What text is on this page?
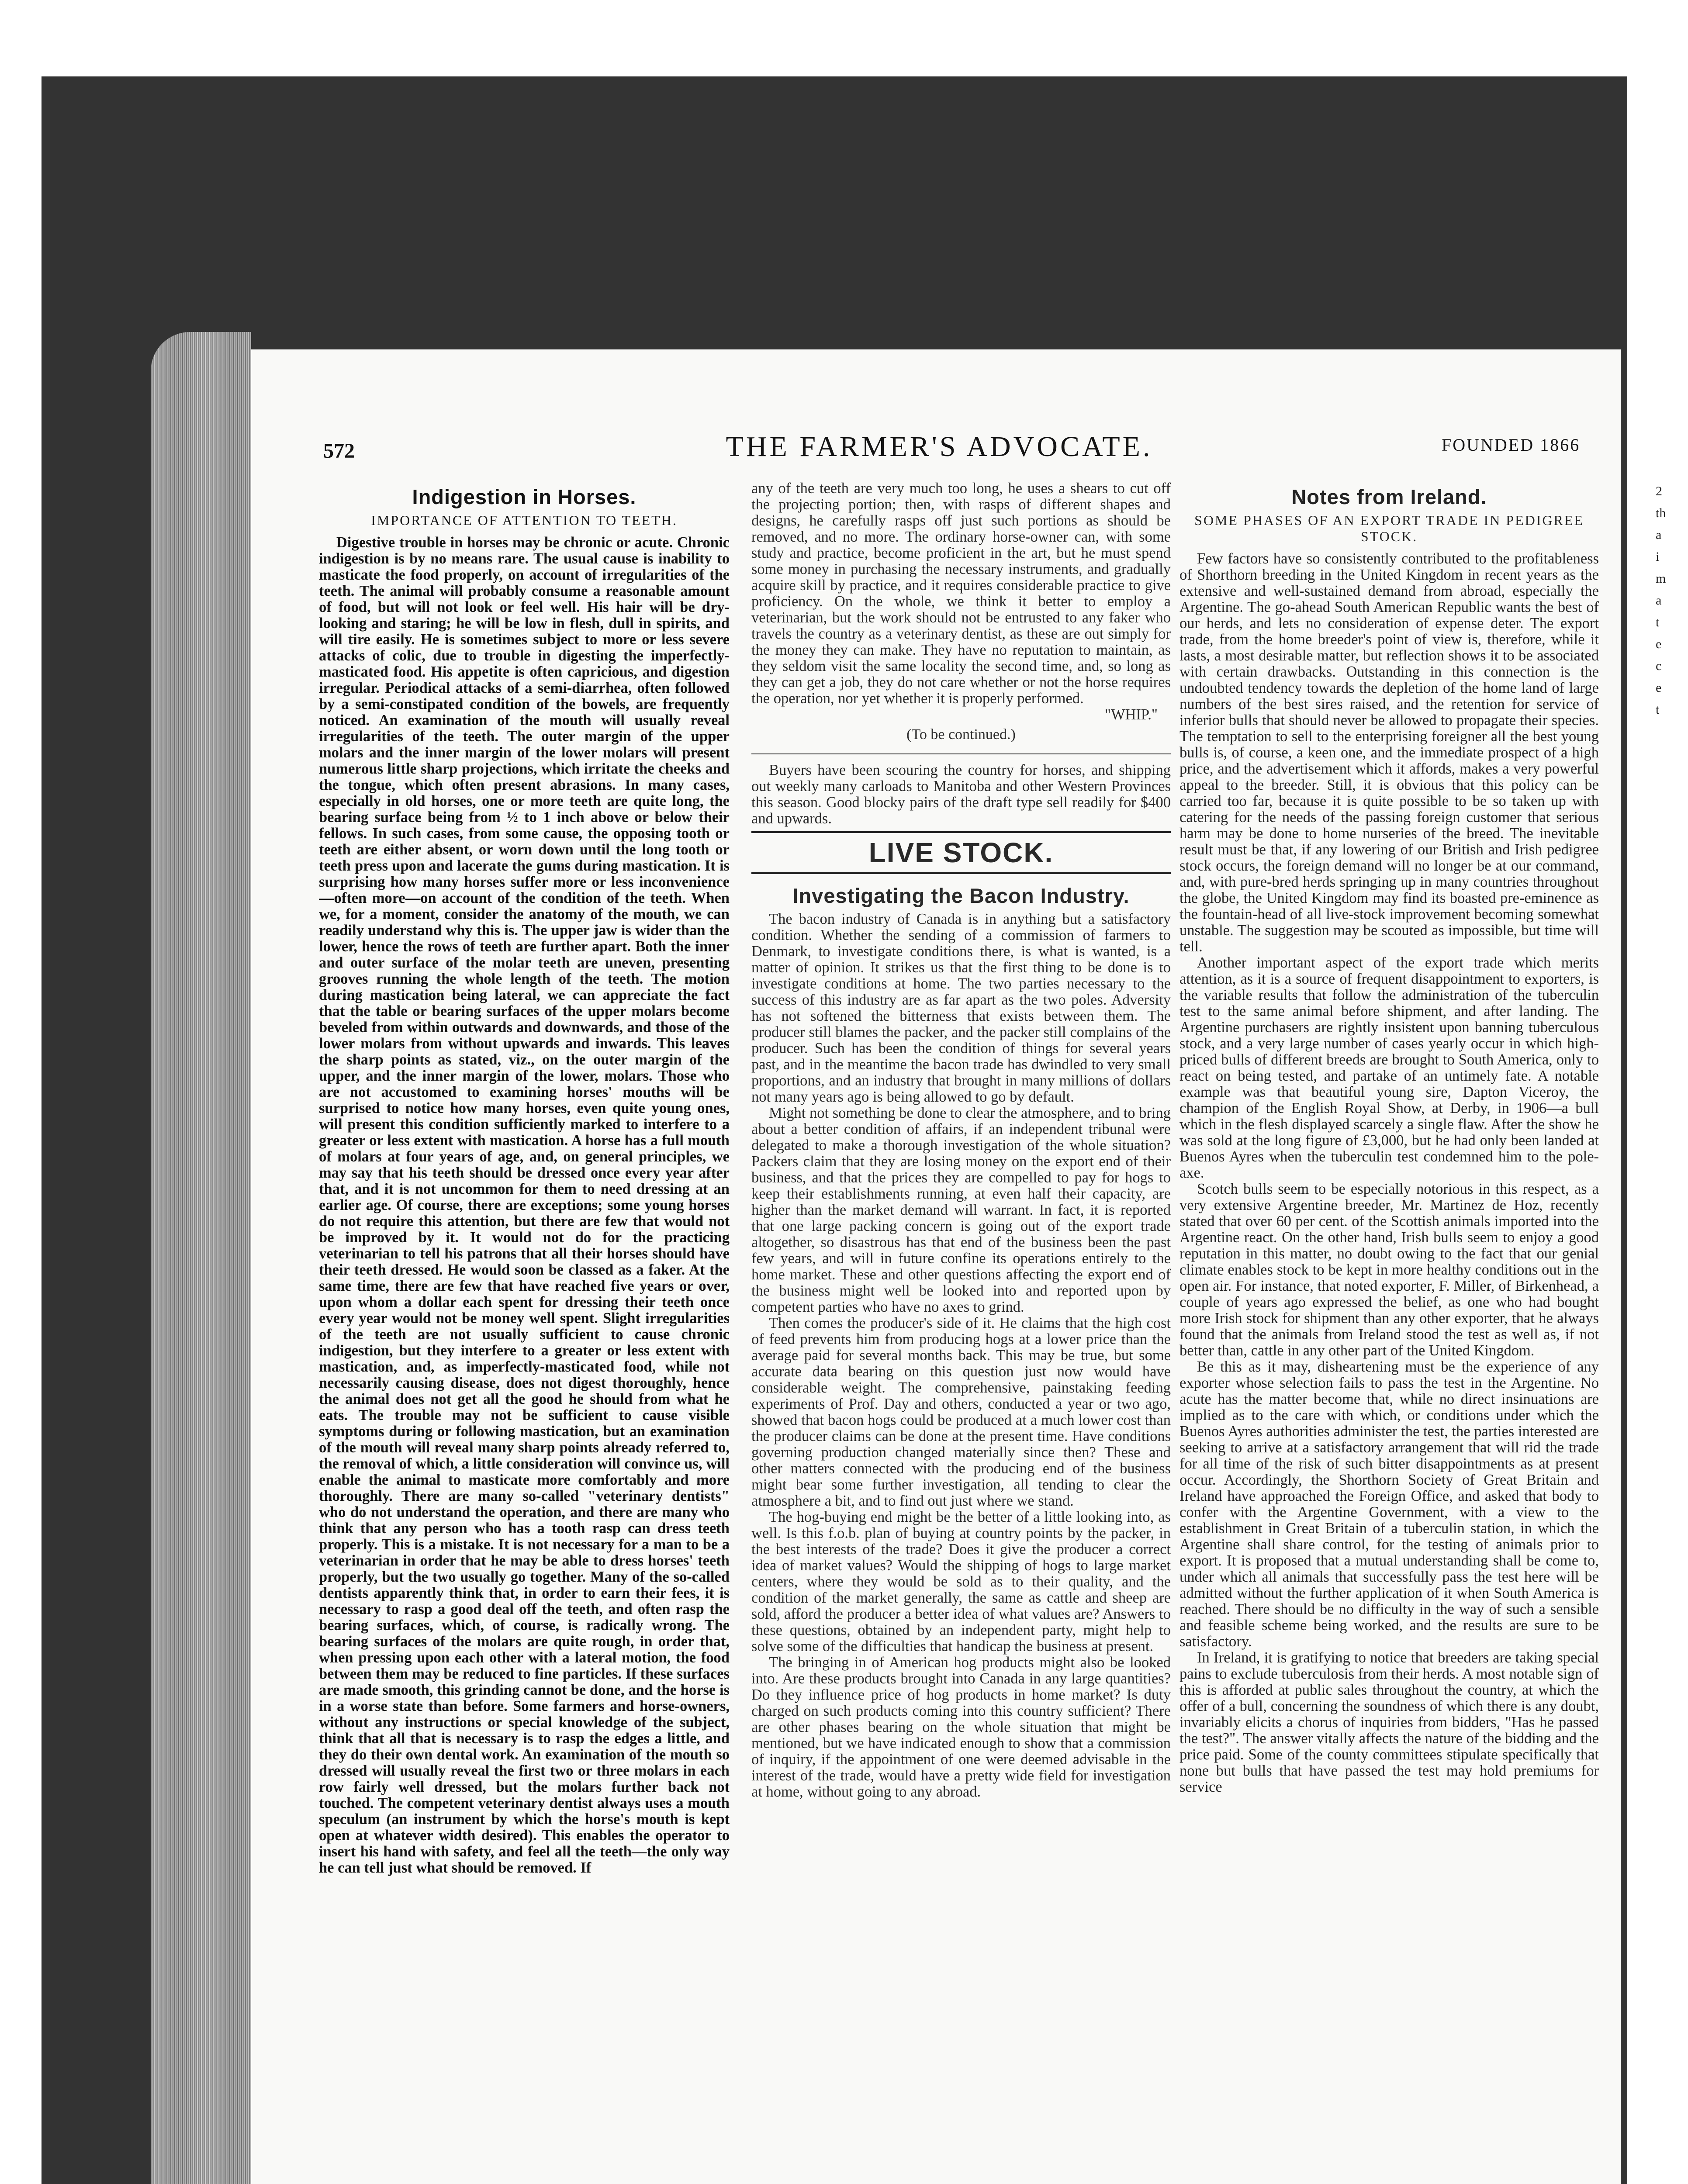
2
th
a
i
m
a
t
e
c
e
t
572	THE FARMER'S ADVOCATE.	FOUNDED 1866
Indigestion in Horses.
IMPORTANCE OF ATTENTION TO TEETH.

Digestive trouble in horses may be chronic or acute. Chronic indigestion is by no means rare. The usual cause is inability to masticate the food properly, on account of irregularities of the teeth. The animal will probably consume a reasonable amount of food, but will not look or feel well. His hair will be dry-looking and staring; he will be low in flesh, dull in spirits, and will tire easily. He is sometimes subject to more or less severe attacks of colic, due to trouble in digesting the imperfectly-masticated food. His appetite is often capricious, and digestion irregular. Periodical attacks of a semi-diarrhea, often followed by a semi-constipated condition of the bowels, are frequently noticed. An examination of the mouth will usually reveal irregularities of the teeth. The outer margin of the upper molars and the inner margin of the lower molars will present numerous little sharp projections, which irritate the cheeks and the tongue, which often present abrasions. In many cases, especially in old horses, one or more teeth are quite long, the bearing surface being from ½ to 1 inch above or below their fellows. In such cases, from some cause, the opposing tooth or teeth are either absent, or worn down until the long tooth or teeth press upon and lacerate the gums during mastication. It is surprising how many horses suffer more or less inconvenience—often more—on account of the condition of the teeth. When we, for a moment, consider the anatomy of the mouth, we can readily understand why this is. The upper jaw is wider than the lower, hence the rows of teeth are further apart. Both the inner and outer surface of the molar teeth are uneven, presenting grooves running the whole length of the teeth. The motion during mastication being lateral, we can appreciate the fact that the table or bearing surfaces of the upper molars become beveled from within outwards and downwards, and those of the lower molars from without upwards and inwards. This leaves the sharp points as stated, viz., on the outer margin of the upper, and the inner margin of the lower, molars. Those who are not accustomed to examining horses' mouths will be surprised to notice how many horses, even quite young ones, will present this condition sufficiently marked to interfere to a greater or less extent with mastication. A horse has a full mouth of molars at four years of age, and, on general principles, we may say that his teeth should be dressed once every year after that, and it is not uncommon for them to need dressing at an earlier age. Of course, there are exceptions; some young horses do not require this attention, but there are few that would not be improved by it. It would not do for the practicing veterinarian to tell his patrons that all their horses should have their teeth dressed. He would soon be classed as a faker. At the same time, there are few that have reached five years or over, upon whom a dollar each spent for dressing their teeth once every year would not be money well spent. Slight irregularities of the teeth are not usually sufficient to cause chronic indigestion, but they interfere to a greater or less extent with mastication, and, as imperfectly-masticated food, while not necessarily causing disease, does not digest thoroughly, hence the animal does not get all the good he should from what he eats. The trouble may not be sufficient to cause visible symptoms during or following mastication, but an examination of the mouth will reveal many sharp points already referred to, the removal of which, a little consideration will convince us, will enable the animal to masticate more comfortably and more thoroughly. There are many so-called "veterinary dentists" who do not understand the operation, and there are many who think that any person who has a tooth rasp can dress teeth properly. This is a mistake. It is not necessary for a man to be a veterinarian in order that he may be able to dress horses' teeth properly, but the two usually go together. Many of the so-called dentists apparently think that, in order to earn their fees, it is necessary to rasp a good deal off the teeth, and often rasp the bearing surfaces, which, of course, is radically wrong. The bearing surfaces of the molars are quite rough, in order that, when pressing upon each other with a lateral motion, the food between them may be reduced to fine particles. If these surfaces are made smooth, this grinding cannot be done, and the horse is in a worse state than before. Some farmers and horse-owners, without any instructions or special knowledge of the subject, think that all that is necessary is to rasp the edges a little, and they do their own dental work. An examination of the mouth so dressed will usually reveal the first two or three molars in each row fairly well dressed, but the molars further back not touched. The competent veterinary dentist always uses a mouth speculum (an instrument by which the horse's mouth is kept open at whatever width desired). This enables the operator to insert his hand with safety, and feel all the teeth—the only way he can tell just what should be removed. If

any of the teeth are very much too long, he uses a shears to cut off the projecting portion; then, with rasps of different shapes and designs, he carefully rasps off just such portions as should be removed, and no more. The ordinary horse-owner can, with some study and practice, become proficient in the art, but he must spend some money in purchasing the necessary instruments, and gradually acquire skill by practice, and it requires considerable practice to give proficiency. On the whole, we think it better to employ a veterinarian, but the work should not be entrusted to any faker who travels the country as a veterinary dentist, as these are out simply for the money they can make. They have no reputation to maintain, as they seldom visit the same locality the second time, and, so long as they can get a job, they do not care whether or not the horse requires the operation, nor yet whether it is properly performed.

"WHIP."

(To be continued.)

Buyers have been scouring the country for horses, and shipping out weekly many carloads to Manitoba and other Western Provinces this season. Good blocky pairs of the draft type sell readily for $400 and upwards.

LIVE STOCK.
Investigating the Bacon Industry.

The bacon industry of Canada is in anything but a satisfactory condition. Whether the sending of a commission of farmers to Denmark, to investigate conditions there, is what is wanted, is a matter of opinion. It strikes us that the first thing to be done is to investigate conditions at home. The two parties necessary to the success of this industry are as far apart as the two poles. Adversity has not softened the bitterness that exists between them. The producer still blames the packer, and the packer still complains of the producer. Such has been the condition of things for several years past, and in the meantime the bacon trade has dwindled to very small proportions, and an industry that brought in many millions of dollars not many years ago is being allowed to go by default.

Might not something be done to clear the atmosphere, and to bring about a better condition of affairs, if an independent tribunal were delegated to make a thorough investigation of the whole situation? Packers claim that they are losing money on the export end of their business, and that the prices they are compelled to pay for hogs to keep their establishments running, at even half their capacity, are higher than the market demand will warrant. In fact, it is reported that one large packing concern is going out of the export trade altogether, so disastrous has that end of the business been the past few years, and will in future confine its operations entirely to the home market. These and other questions affecting the export end of the business might well be looked into and reported upon by competent parties who have no axes to grind.

Then comes the producer's side of it. He claims that the high cost of feed prevents him from producing hogs at a lower price than the average paid for several months back. This may be true, but some accurate data bearing on this question just now would have considerable weight. The comprehensive, painstaking feeding experiments of Prof. Day and others, conducted a year or two ago, showed that bacon hogs could be produced at a much lower cost than the producer claims can be done at the present time. Have conditions governing production changed materially since then? These and other matters connected with the producing end of the business might bear some further investigation, all tending to clear the atmosphere a bit, and to find out just where we stand.

The hog-buying end might be the better of a little looking into, as well. Is this f.o.b. plan of buying at country points by the packer, in the best interests of the trade? Does it give the producer a correct idea of market values? Would the shipping of hogs to large market centers, where they would be sold as to their quality, and the condition of the market generally, the same as cattle and sheep are sold, afford the producer a better idea of what values are? Answers to these questions, obtained by an independent party, might help to solve some of the difficulties that handicap the business at present.

The bringing in of American hog products might also be looked into. Are these products brought into Canada in any large quantities? Do they influence price of hog products in home market? Is duty charged on such products coming into this country sufficient? There are other phases bearing on the whole situation that might be mentioned, but we have indicated enough to show that a commission of inquiry, if the appointment of one were deemed advisable in the interest of the trade, would have a pretty wide field for investigation at home, without going to any abroad.

Notes from Ireland.
SOME PHASES OF AN EXPORT TRADE IN PEDIGREE STOCK.

Few factors have so consistently contributed to the profitableness of Shorthorn breeding in the United Kingdom in recent years as the extensive and well-sustained demand from abroad, especially the Argentine. The go-ahead South American Republic wants the best of our herds, and lets no consideration of expense deter. The export trade, from the home breeder's point of view is, therefore, while it lasts, a most desirable matter, but reflection shows it to be associated with certain drawbacks. Outstanding in this connection is the undoubted tendency towards the depletion of the home land of large numbers of the best sires raised, and the retention for service of inferior bulls that should never be allowed to propagate their species. The temptation to sell to the enterprising foreigner all the best young bulls is, of course, a keen one, and the immediate prospect of a high price, and the advertisement which it affords, makes a very powerful appeal to the breeder. Still, it is obvious that this policy can be carried too far, because it is quite possible to be so taken up with catering for the needs of the passing foreign customer that serious harm may be done to home nurseries of the breed. The inevitable result must be that, if any lowering of our British and Irish pedigree stock occurs, the foreign demand will no longer be at our command, and, with pure-bred herds springing up in many countries throughout the globe, the United Kingdom may find its boasted pre-eminence as the fountain-head of all live-stock improvement becoming somewhat unstable. The suggestion may be scouted as impossible, but time will tell.

Another important aspect of the export trade which merits attention, as it is a source of frequent disappointment to exporters, is the variable results that follow the administration of the tuberculin test to the same animal before shipment, and after landing. The Argentine purchasers are rightly insistent upon banning tuberculous stock, and a very large number of cases yearly occur in which high-priced bulls of different breeds are brought to South America, only to react on being tested, and partake of an untimely fate. A notable example was that beautiful young sire, Dapton Viceroy, the champion of the English Royal Show, at Derby, in 1906—a bull which in the flesh displayed scarcely a single flaw. After the show he was sold at the long figure of £3,000, but he had only been landed at Buenos Ayres when the tuberculin test condemned him to the pole-axe.

Scotch bulls seem to be especially notorious in this respect, as a very extensive Argentine breeder, Mr. Martinez de Hoz, recently stated that over 60 per cent. of the Scottish animals imported into the Argentine react. On the other hand, Irish bulls seem to enjoy a good reputation in this matter, no doubt owing to the fact that our genial climate enables stock to be kept in more healthy conditions out in the open air. For instance, that noted exporter, F. Miller, of Birkenhead, a couple of years ago expressed the belief, as one who had bought more Irish stock for shipment than any other exporter, that he always found that the animals from Ireland stood the test as well as, if not better than, cattle in any other part of the United Kingdom.

Be this as it may, disheartening must be the experience of any exporter whose selection fails to pass the test in the Argentine. No acute has the matter become that, while no direct insinuations are implied as to the care with which, or conditions under which the Buenos Ayres authorities administer the test, the parties interested are seeking to arrive at a satisfactory arrangement that will rid the trade for all time of the risk of such bitter disappointments as at present occur. Accordingly, the Shorthorn Society of Great Britain and Ireland have approached the Foreign Office, and asked that body to confer with the Argentine Government, with a view to the establishment in Great Britain of a tuberculin station, in which the Argentine shall share control, for the testing of animals prior to export. It is proposed that a mutual understanding shall be come to, under which all animals that successfully pass the test here will be admitted without the further application of it when South America is reached. There should be no difficulty in the way of such a sensible and feasible scheme being worked, and the results are sure to be satisfactory.

In Ireland, it is gratifying to notice that breeders are taking special pains to exclude tuberculosis from their herds. A most notable sign of this is afforded at public sales throughout the country, at which the offer of a bull, concerning the soundness of which there is any doubt, invariably elicits a chorus of inquiries from bidders, "Has he passed the test?". The answer vitally affects the nature of the bidding and the price paid. Some of the county committees stipulate specifically that none but bulls that have passed the test may hold premiums for service
